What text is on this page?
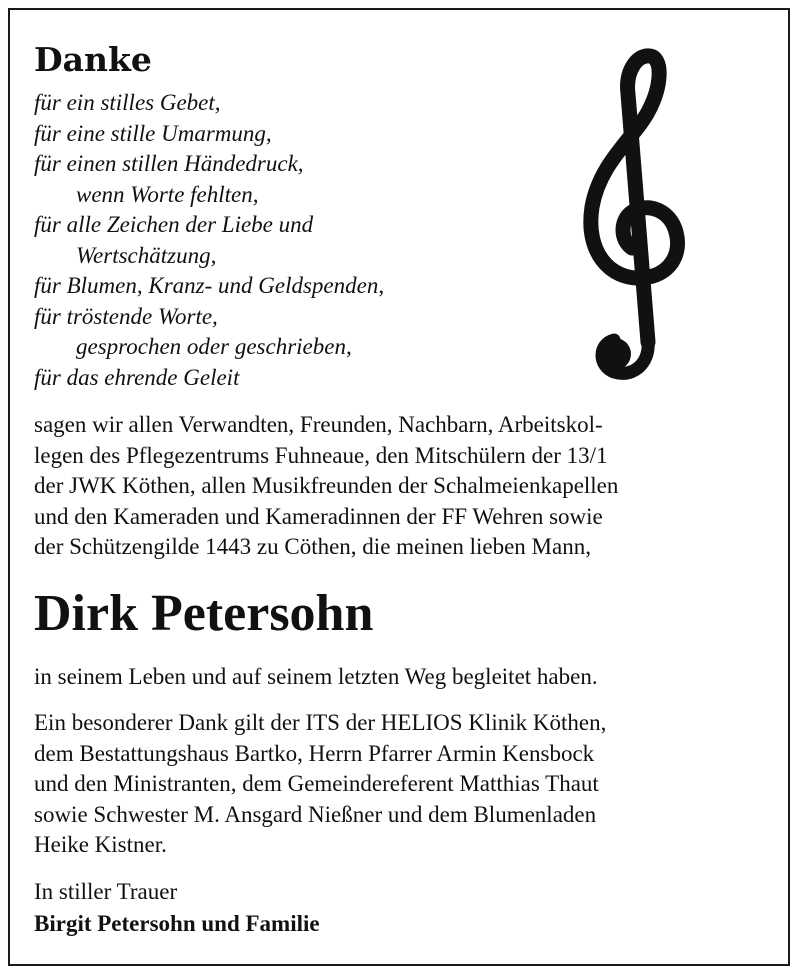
Danke
für ein stilles Gebet,
für eine stille Umarmung,
für einen stillen Händedruck,
wenn Worte fehlten,
für alle Zeichen der Liebe und
Wertschätzung,
für Blumen, Kranz- und Geldspenden,
für tröstende Worte,
gesprochen oder geschrieben,
für das ehrende Geleit

sagen wir allen Verwandten, Freunden, Nachbarn, Arbeitskol-
legen des Pflegezentrums Fuhneaue, den Mitschülern der 13/1
der JWK Köthen, allen Musikfreunden der Schalmeienkapellen
und den Kameraden und Kameradinnen der FF Wehren sowie
der Schützengilde 1443 zu Cöthen, die meinen lieben Mann,

Dirk Petersohn

in seinem Leben und auf seinem letzten Weg begleitet haben.

Ein besonderer Dank gilt der ITS der HELIOS Klinik Köthen,
dem Bestattungshaus Bartko, Herrn Pfarrer Armin Kensbock
und den Ministranten, dem Gemeindereferent Matthias Thaut
sowie Schwester M. Ansgard Nießner und dem Blumenladen
Heike Kistner.

In stiller Trauer

Birgit Petersohn und Familie
